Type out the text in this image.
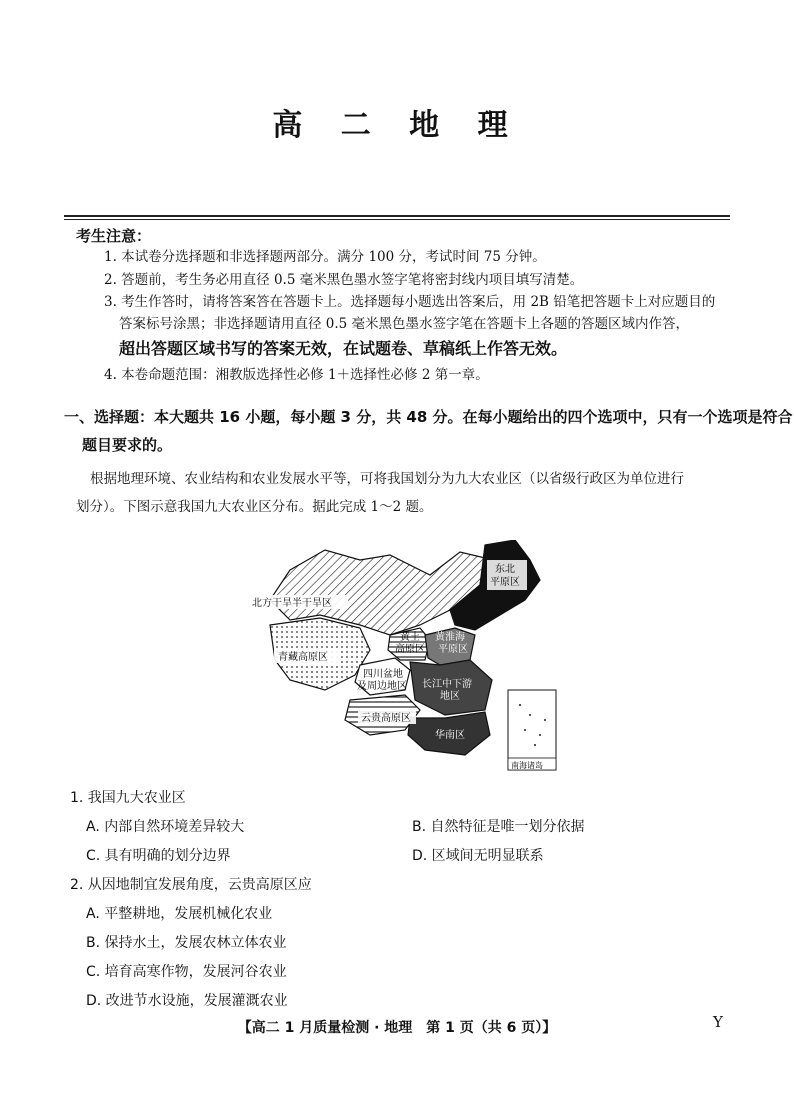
高 二 地 理
考生注意：
1. 本试卷分选择题和非选择题两部分。满分 100 分，考试时间 75 分钟。
2. 答题前，考生务必用直径 0.5 毫米黑色墨水签字笔将密封线内项目填写清楚。
3. 考生作答时，请将答案答在答题卡上。选择题每小题选出答案后，用 2B 铅笔把答题卡上对应题目的
答案标号涂黑；非选择题请用直径 0.5 毫米黑色墨水签字笔在答题卡上各题的答题区域内作答，
超出答题区域书写的答案无效，在试题卷、草稿纸上作答无效。
4. 本卷命题范围：湘教版选择性必修 1＋选择性必修 2 第一章。
一、选择题：本大题共 16 小题，每小题 3 分，共 48 分。在每小题给出的四个选项中，只有一个选项是符合
题目要求的。
根据地理环境、农业结构和农业发展水平等，可将我国划分为九大农业区（以省级行政区为单位进行
划分）。下图示意我国九大农业区分布。据此完成 1～2 题。
东北
平原区
北方干旱半干旱区
青藏高原区
黄土
高原区
黄淮海
平原区
四川盆地
及周边地区 长江中下游
地区
云贵高原区
华南区
南海诸岛
1. 我国九大农业区
A. 内部自然环境差异较大	B. 自然特征是唯一划分依据
C. 具有明确的划分边界	D. 区域间无明显联系
2. 从因地制宜发展角度，云贵高原区应
A. 平整耕地，发展机械化农业
B. 保持水土，发展农林立体农业
C. 培育高寒作物，发展河谷农业
D. 改进节水设施，发展灌溉农业
【高二 1 月质量检测 · 地理　第 1 页（共 6 页）】	Y
